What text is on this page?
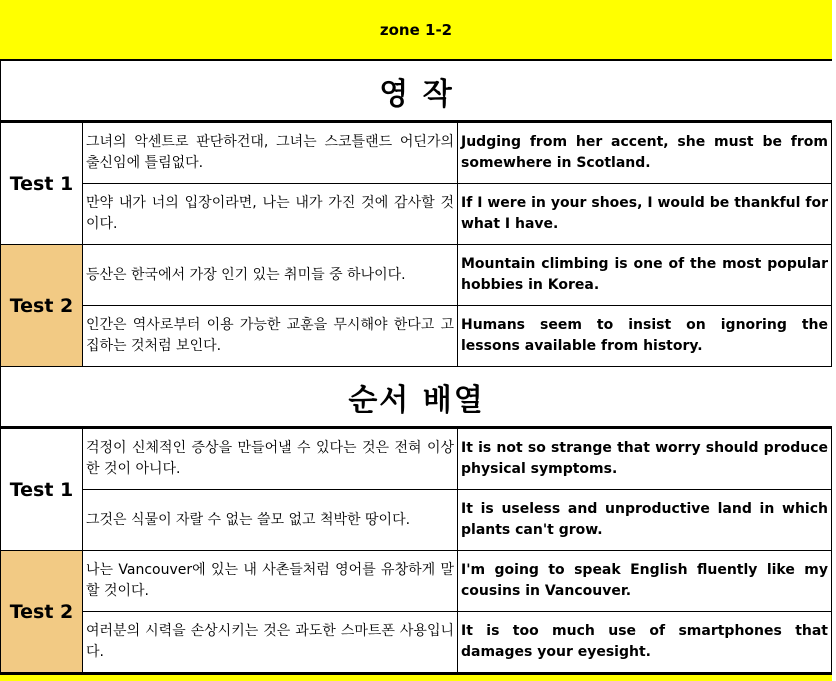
zone 1-2
영 작
Test 1	그녀의 악센트로 판단하건대, 그녀는 스코틀랜드 어딘가의 출신임에 틀림없다.	Judging from her accent, she must be from somewhere in Scotland.
	만약 내가 너의 입장이라면, 나는 내가 가진 것에 감사할 것이다.	If I were in your shoes, I would be thankful for what I have.
Test 2	등산은 한국에서 가장 인기 있는 취미들 중 하나이다.	Mountain climbing is one of the most popular hobbies in Korea.
	인간은 역사로부터 이용 가능한 교훈을 무시해야 한다고 고집하는 것처럼 보인다.	Humans seem to insist on ignoring the lessons available from history.
순서 배열
Test 1	걱정이 신체적인 증상을 만들어낼 수 있다는 것은 전혀 이상한 것이 아니다.	It is not so strange that worry should produce physical symptoms.
	그것은 식물이 자랄 수 없는 쓸모 없고 척박한 땅이다.	It is useless and unproductive land in which plants can't grow.
Test 2	나는 Vancouver에 있는 내 사촌들처럼 영어를 유창하게 말할 것이다.	I'm going to speak English fluently like my cousins in Vancouver.
	여러분의 시력을 손상시키는 것은 과도한 스마트폰 사용입니다.	It is too much use of smartphones that damages your eyesight.
